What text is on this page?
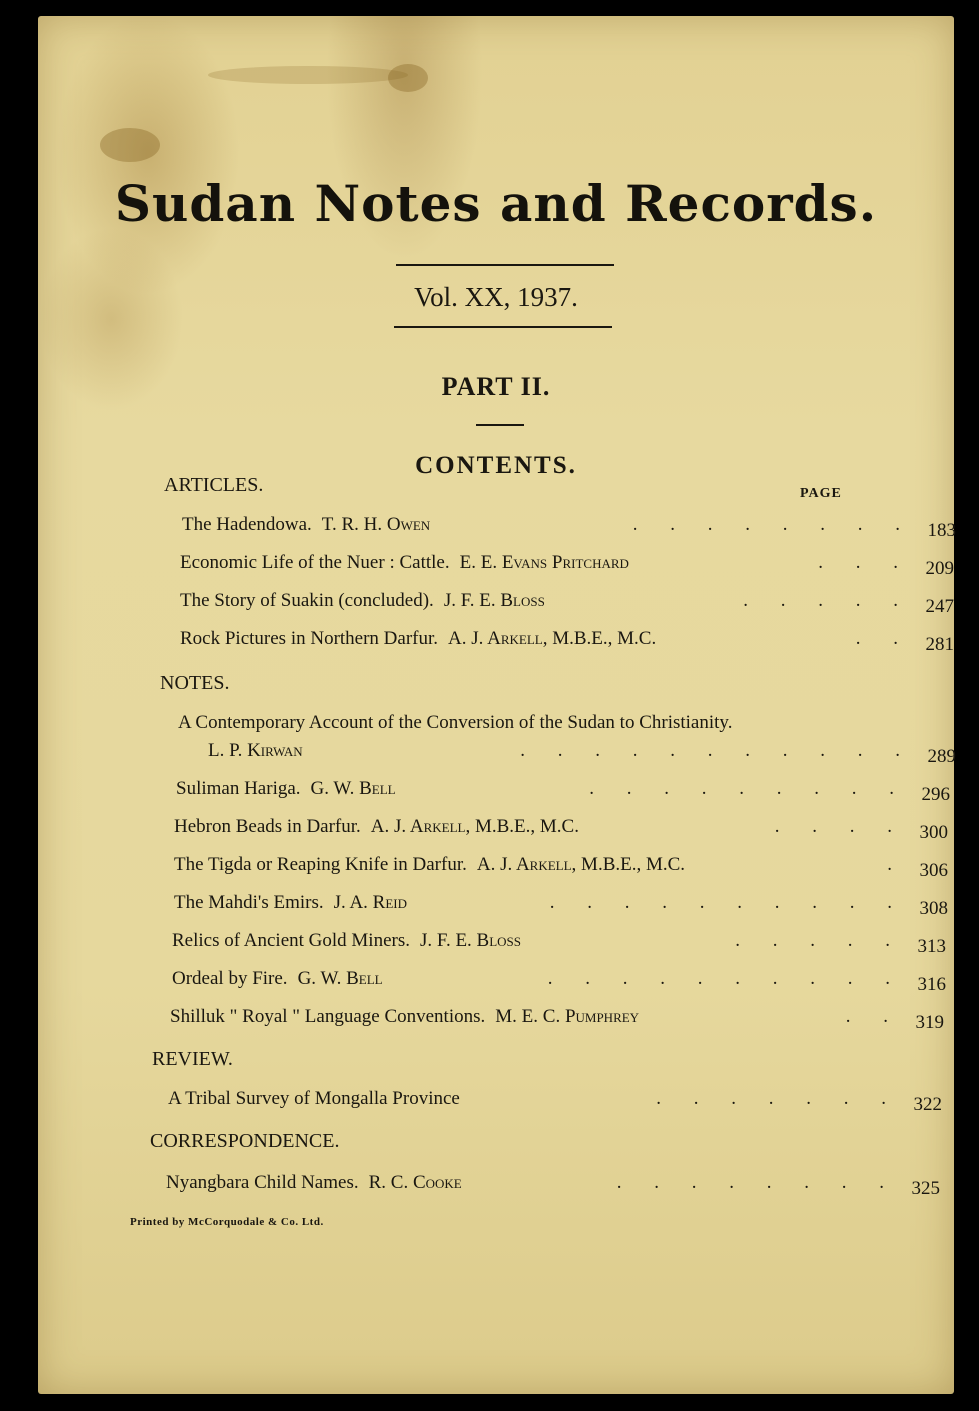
Sudan Notes and Records.
Vol. XX, 1937.
PART II.
CONTENTS.
PAGE
ARTICLES.
The Hadendowa. T. R. H. Owen	. . . . . . . . 183
Economic Life of the Nuer : Cattle. E. E. Evans Pritchard	. . . 209
The Story of Suakin (concluded). J. F. E. Bloss	. . . . . 247
Rock Pictures in Northern Darfur. A. J. Arkell, M.B.E., M.C.	. . 281
NOTES.
A Contemporary Account of the Conversion of the Sudan to Christianity.
L. P. Kirwan	. . . . . . . . . . . 289
Suliman Hariga. G. W. Bell	. . . . . . . . . 296
Hebron Beads in Darfur. A. J. Arkell, M.B.E., M.C.	. . . . 300
The Tigda or Reaping Knife in Darfur. A. J. Arkell, M.B.E., M.C.	. 306
The Mahdi's Emirs. J. A. Reid	. . . . . . . . . . 308
Relics of Ancient Gold Miners. J. F. E. Bloss	. . . . . 313
Ordeal by Fire. G. W. Bell	. . . . . . . . . . 316
Shilluk " Royal " Language Conventions. M. E. C. Pumphrey	. . 319
REVIEW.
A Tribal Survey of Mongalla Province	. . . . . . . 322
CORRESPONDENCE.
Nyangbara Child Names. R. C. Cooke	. . . . . . . . 325
Printed by McCorquodale & Co. Ltd.
